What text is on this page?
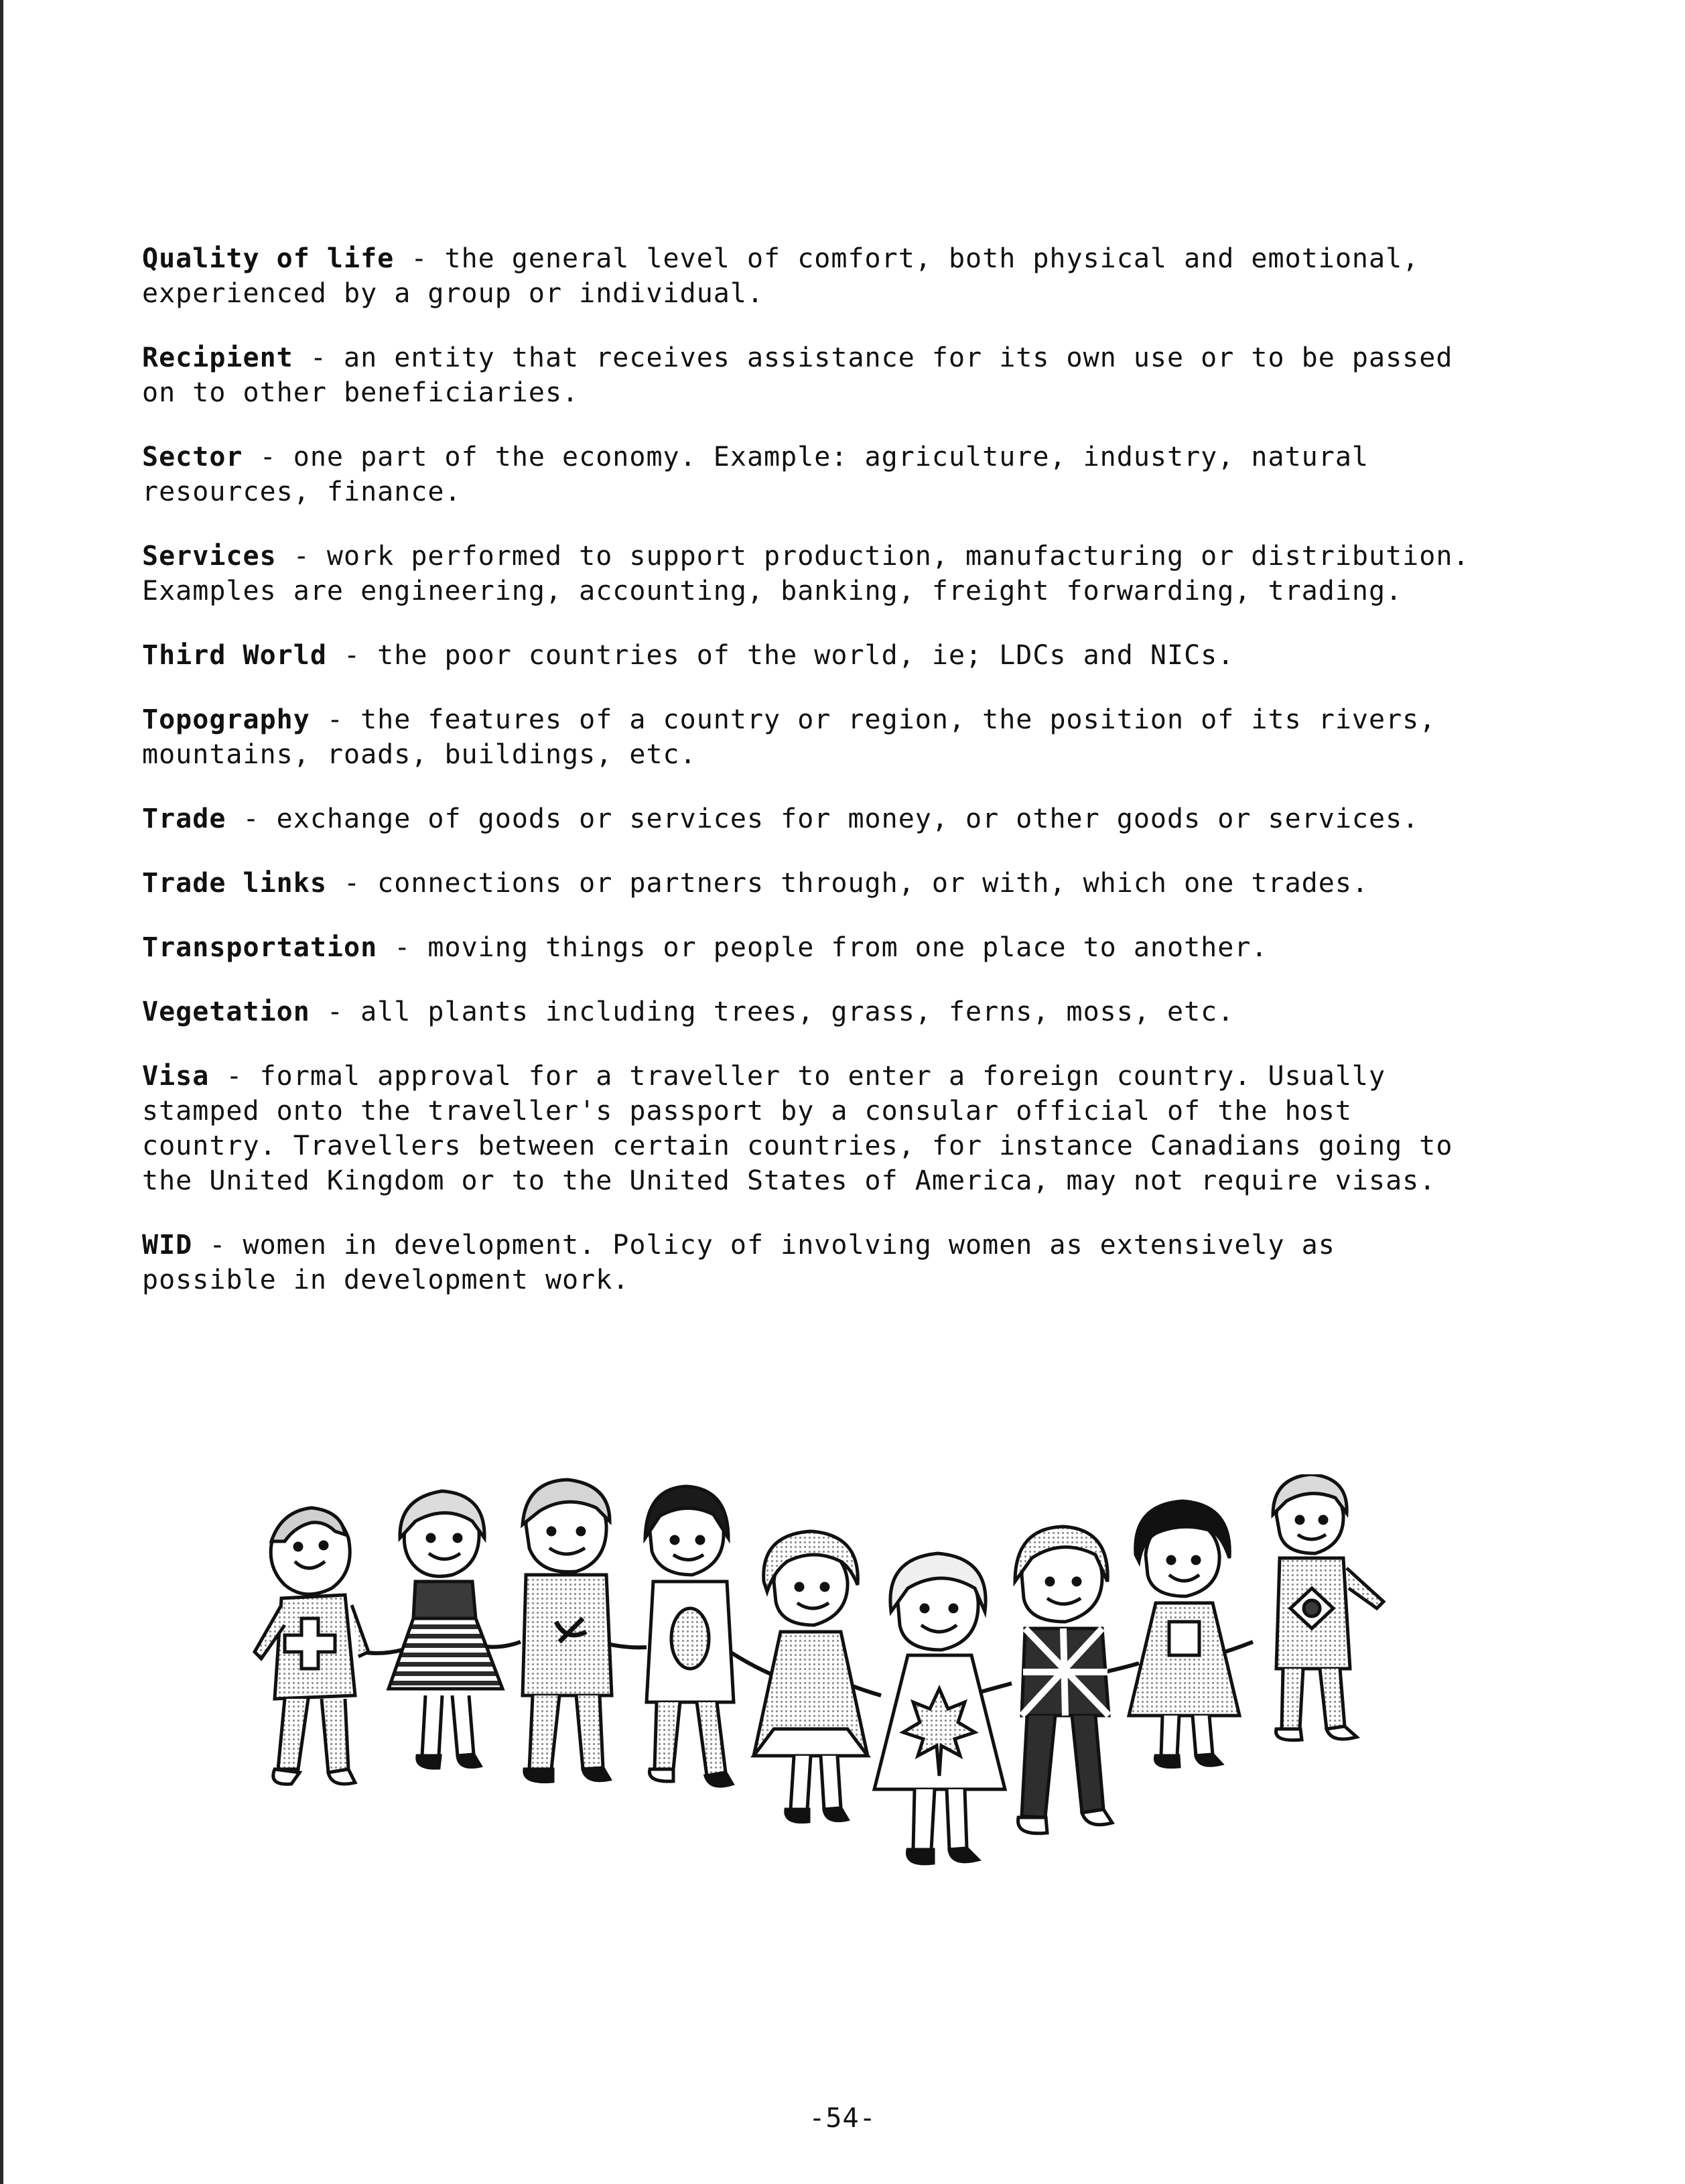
Quality of life - the general level of comfort, both physical and emotional, experienced by a group or individual.

Recipient - an entity that receives assistance for its own use or to be passed on to other beneficiaries.

Sector - one part of the economy. Example: agriculture, industry, natural resources, finance.

Services - work performed to support production, manufacturing or distribution. Examples are engineering, accounting, banking, freight forwarding, trading.

Third World - the poor countries of the world, ie; LDCs and NICs.

Topography - the features of a country or region, the position of its rivers, mountains, roads, buildings, etc.

Trade - exchange of goods or services for money, or other goods or services.

Trade links - connections or partners through, or with, which one trades.

Transportation - moving things or people from one place to another.

Vegetation - all plants including trees, grass, ferns, moss, etc.

Visa - formal approval for a traveller to enter a foreign country. Usually stamped onto the traveller's passport by a consular official of the host country. Travellers between certain countries, for instance Canadians going to the United Kingdom or to the United States of America, may not require visas.

WID - women in development. Policy of involving women as extensively as possible in development work.

-54-
